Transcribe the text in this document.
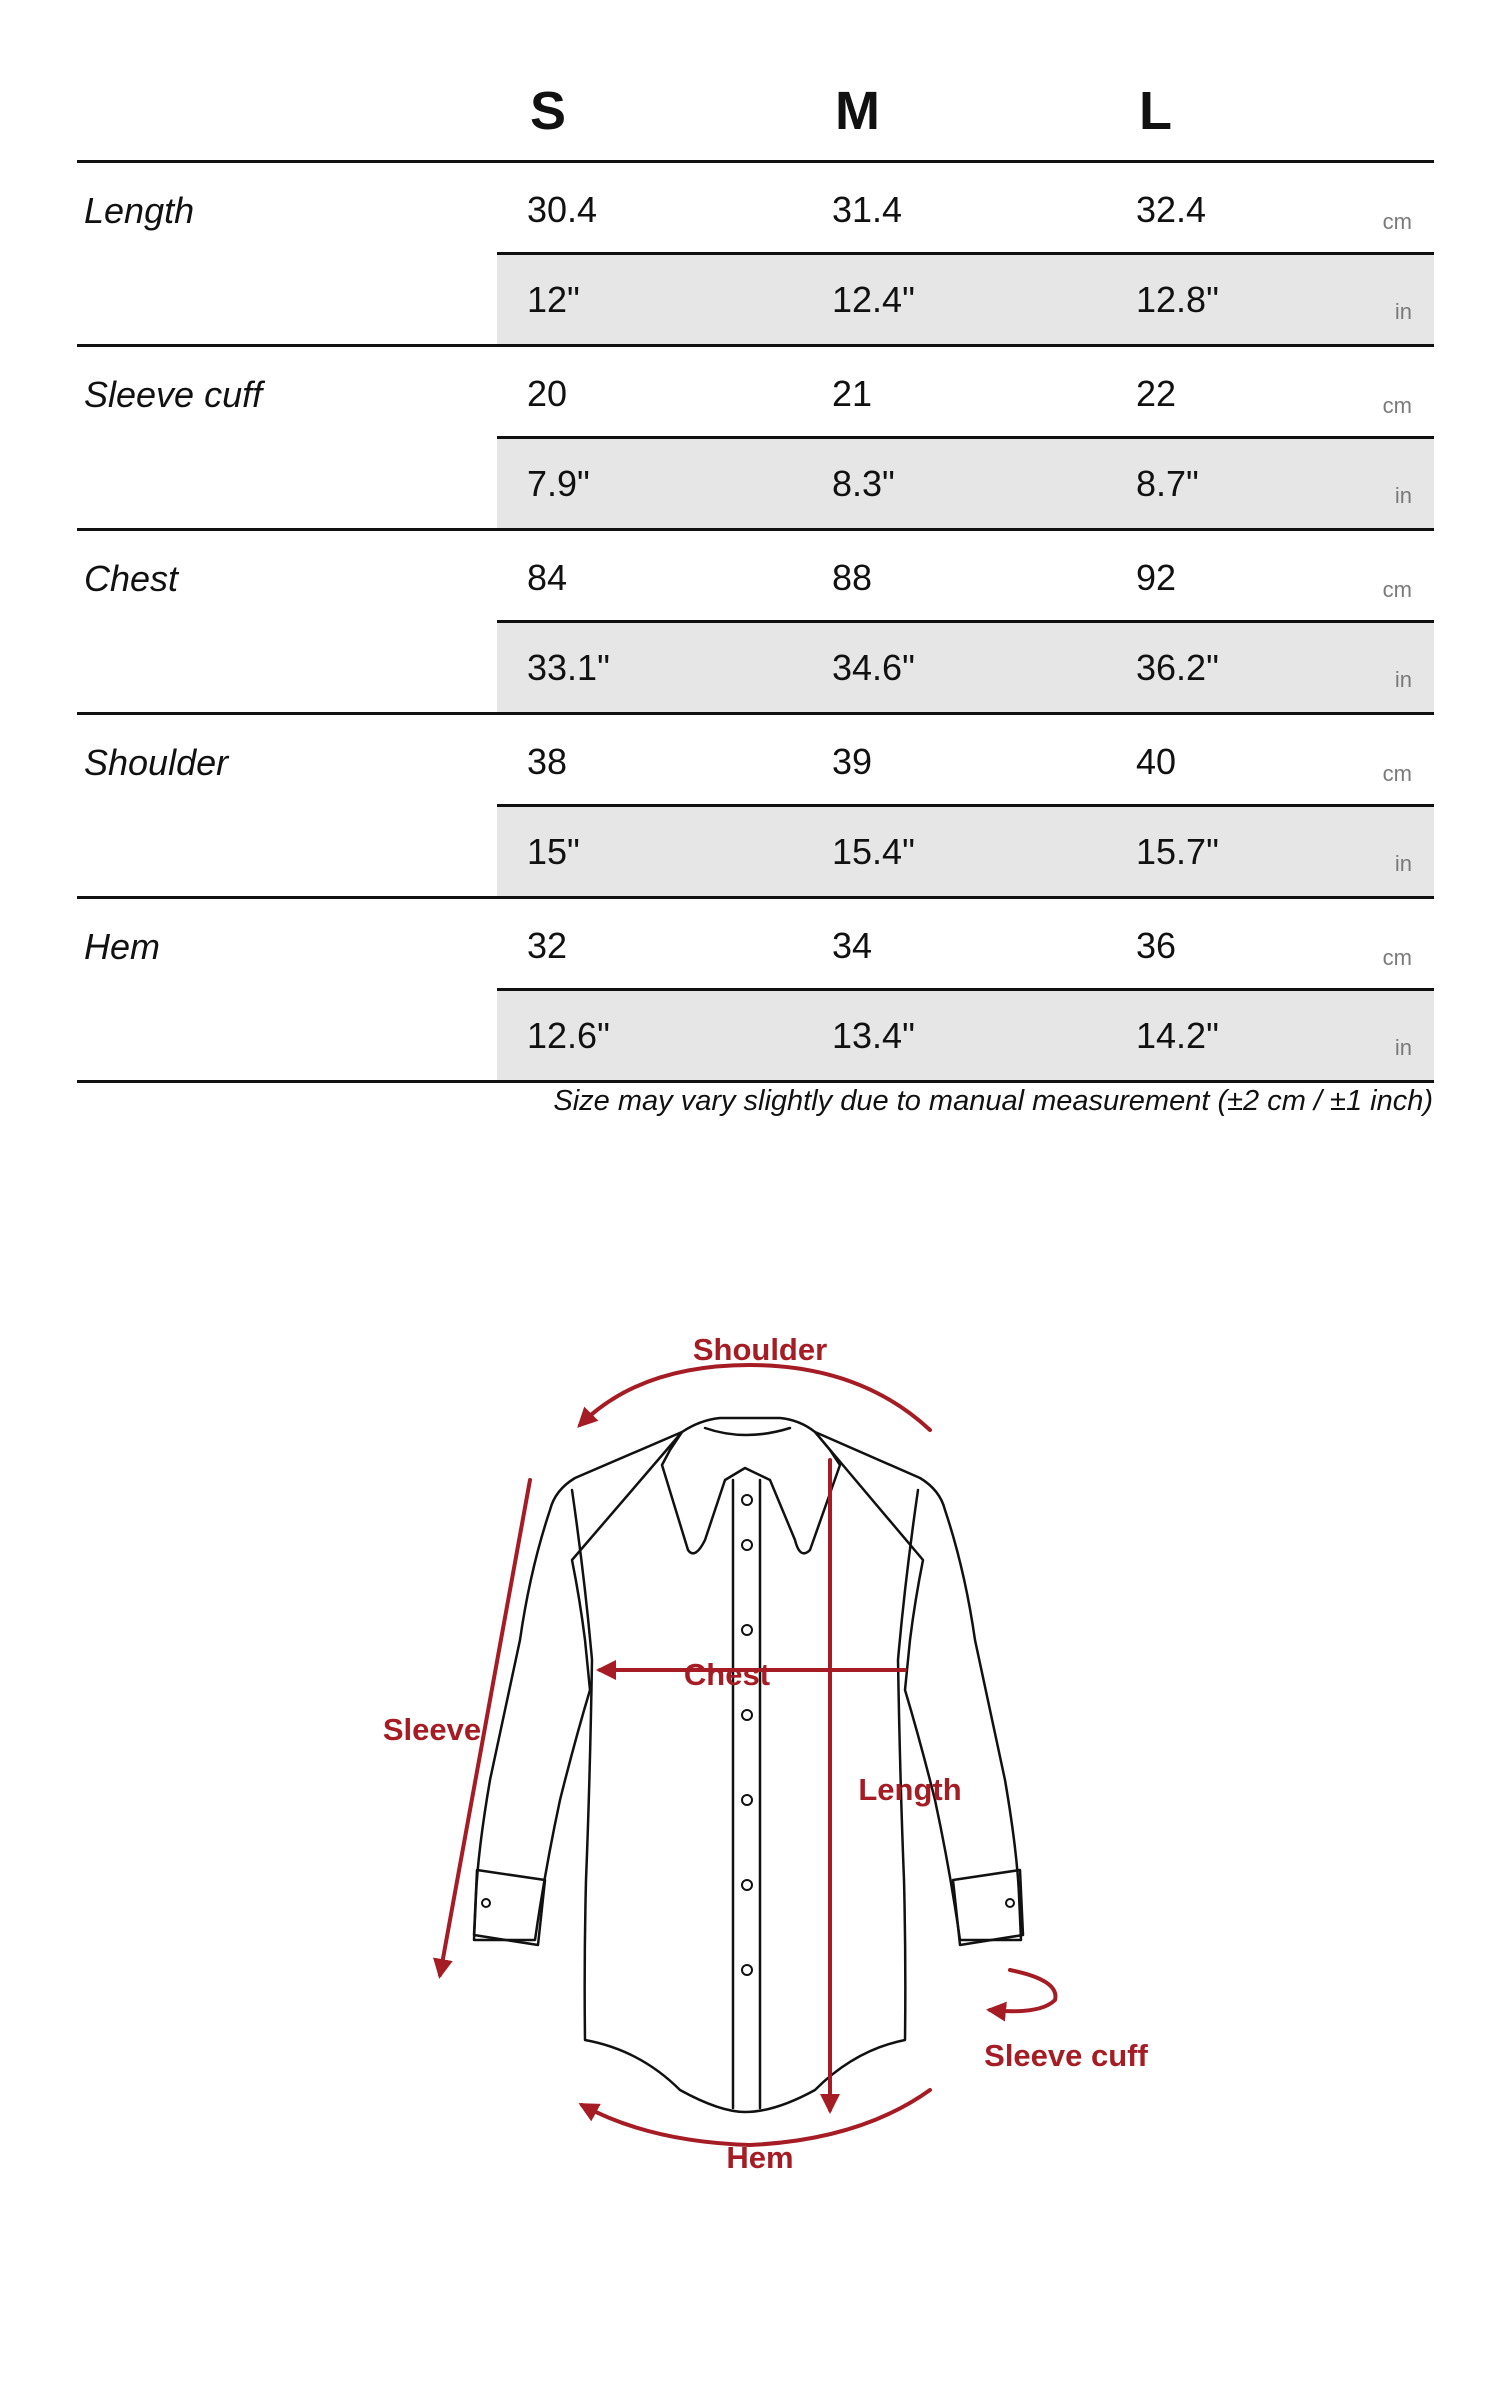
S	M	L
Length	30.4	31.4	32.4	cm
12"	12.4"	12.8"	in
Sleeve cuff	20	21	22	cm
7.9"	8.3"	8.7"	in
Chest	84	88	92	cm
33.1"	34.6"	36.2"	in
Shoulder	38	39	40	cm
15"	15.4"	15.7"	in
Hem	32	34	36	cm
12.6"	13.4"	14.2"	in
Size may vary slightly due to manual measurement (±2 cm / ±1 inch)
Shoulder
Chest
Sleeve
Length
Sleeve cuff
Hem
